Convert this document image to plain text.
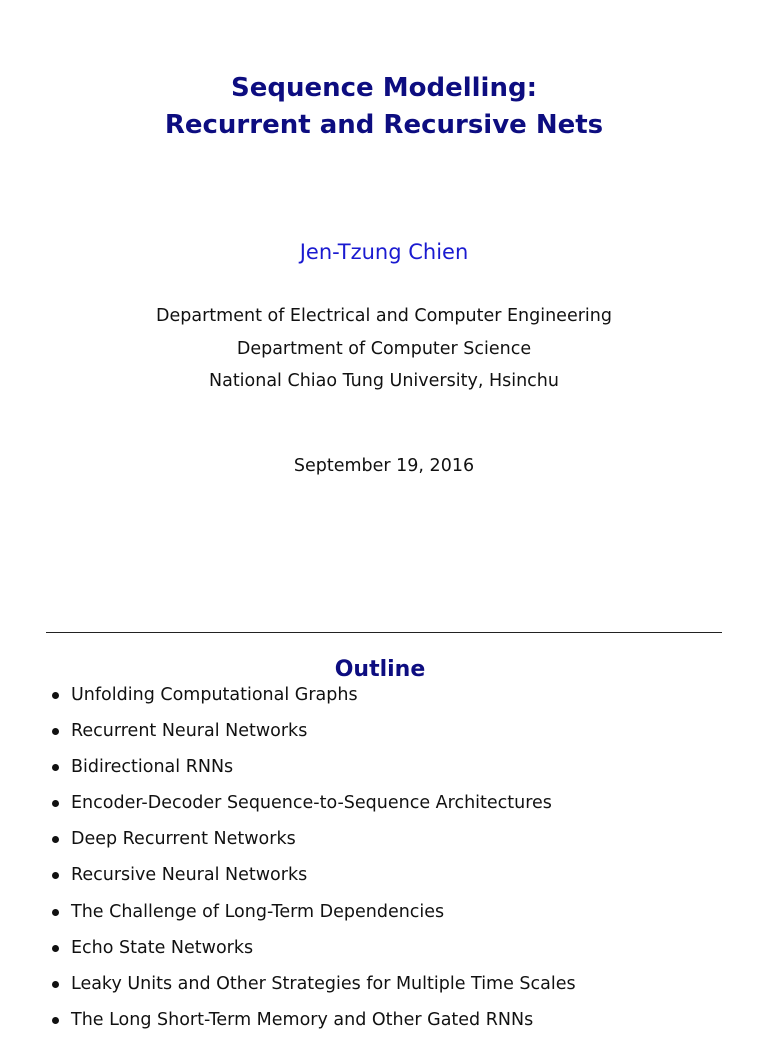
Sequence Modelling:
Recurrent and Recursive Nets
Jen-Tzung Chien
Department of Electrical and Computer Engineering
Department of Computer Science
National Chiao Tung University, Hsinchu
September 19, 2016
Outline
Unfolding Computational Graphs
Recurrent Neural Networks
Bidirectional RNNs
Encoder-Decoder Sequence-to-Sequence Architectures
Deep Recurrent Networks
Recursive Neural Networks
The Challenge of Long-Term Dependencies
Echo State Networks
Leaky Units and Other Strategies for Multiple Time Scales
The Long Short-Term Memory and Other Gated RNNs
